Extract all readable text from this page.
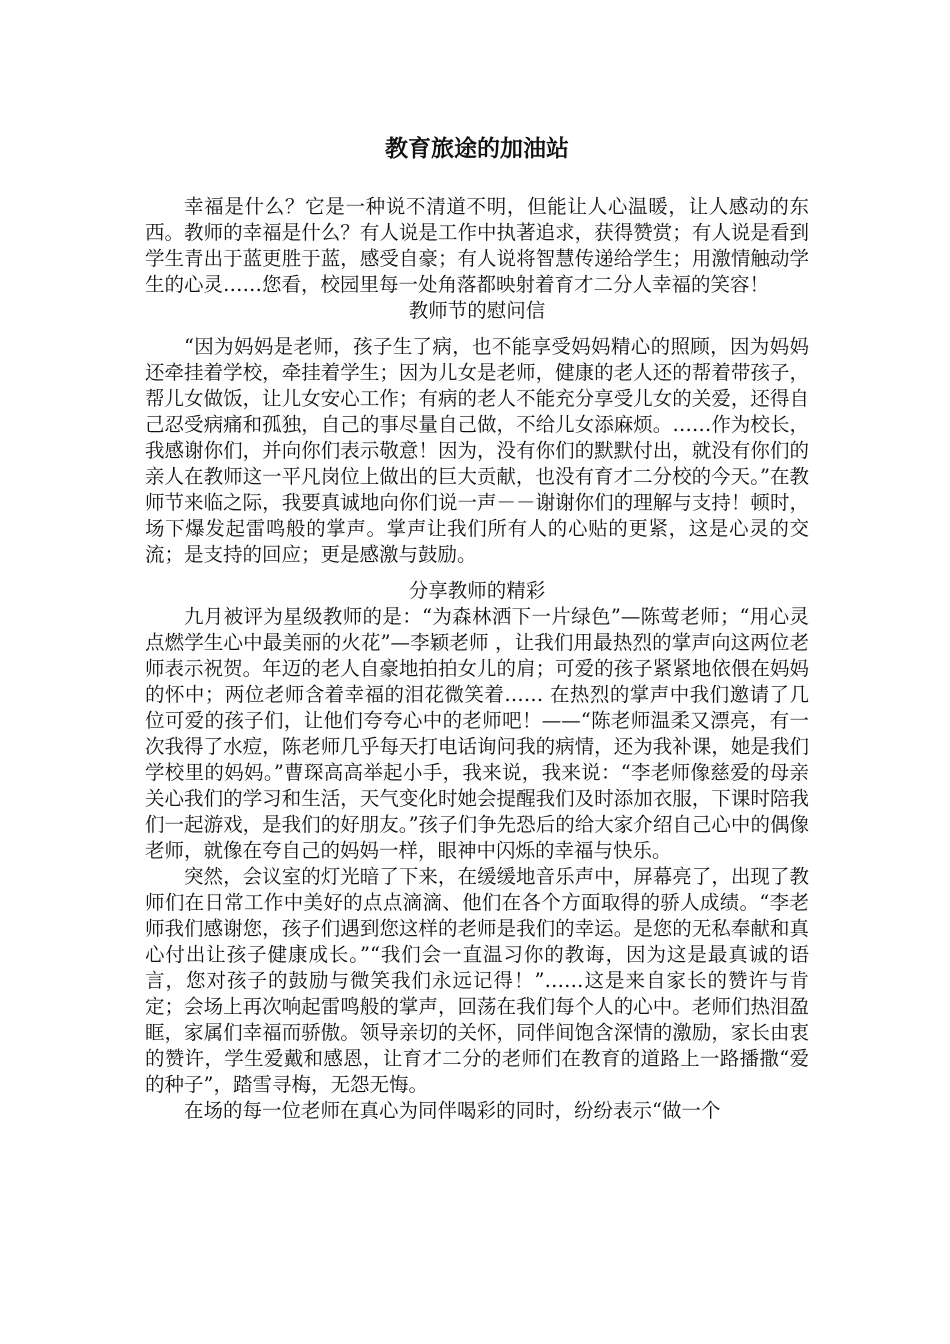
教育旅途的加油站

幸福是什么？它是一种说不清道不明，但能让人心温暖，让人感动的东西。教师的幸福是什么？有人说是工作中执著追求，获得赞赏；有人说是看到学生青出于蓝更胜于蓝，感受自豪；有人说将智慧传递给学生；用激情触动学生的心灵……您看，校园里每一处角落都映射着育才二分人幸福的笑容！

教师节的慰问信

“因为妈妈是老师，孩子生了病，也不能享受妈妈精心的照顾，因为妈妈还牵挂着学校，牵挂着学生；因为儿女是老师，健康的老人还的帮着带孩子，帮儿女做饭，让儿女安心工作；有病的老人不能充分享受儿女的关爱，还得自己忍受病痛和孤独，自己的事尽量自己做，不给儿女添麻烦。……作为校长，我感谢你们，并向你们表示敬意！因为，没有你们的默默付出，就没有你们的亲人在教师这一平凡岗位上做出的巨大贡献，也没有育才二分校的今天。”在教师节来临之际，我要真诚地向你们说一声－－谢谢你们的理解与支持！顿时，场下爆发起雷鸣般的掌声。掌声让我们所有人的心贴的更紧，这是心灵的交流；是支持的回应；更是感激与鼓励。

分享教师的精彩

九月被评为星级教师的是：“为森林洒下一片绿色”—陈莺老师；“用心灵点燃学生心中最美丽的火花”—李颖老师 ，让我们用最热烈的掌声向这两位老师表示祝贺。年迈的老人自豪地拍拍女儿的肩；可爱的孩子紧紧地依偎在妈妈的怀中；两位老师含着幸福的泪花微笑着…… 在热烈的掌声中我们邀请了几位可爱的孩子们，让他们夸夸心中的老师吧！——“陈老师温柔又漂亮，有一次我得了水痘，陈老师几乎每天打电话询问我的病情，还为我补课，她是我们学校里的妈妈。”曹琛高高举起小手，我来说，我来说：“李老师像慈爱的母亲关心我们的学习和生活，天气变化时她会提醒我们及时添加衣服，下课时陪我们一起游戏，是我们的好朋友。”孩子们争先恐后的给大家介绍自己心中的偶像老师，就像在夸自己的妈妈一样，眼神中闪烁的幸福与快乐。

突然，会议室的灯光暗了下来，在缓缓地音乐声中，屏幕亮了，出现了教师们在日常工作中美好的点点滴滴、他们在各个方面取得的骄人成绩。“李老师我们感谢您，孩子们遇到您这样的老师是我们的幸运。是您的无私奉献和真心付出让孩子健康成长。”“我们会一直温习你的教诲，因为这是最真诚的语言，您对孩子的鼓励与微笑我们永远记得！”……这是来自家长的赞许与肯定；会场上再次响起雷鸣般的掌声，回荡在我们每个人的心中。老师们热泪盈眶，家属们幸福而骄傲。领导亲切的关怀，同伴间饱含深情的激励，家长由衷的赞许，学生爱戴和感恩，让育才二分的老师们在教育的道路上一路播撒“爱的种子”，踏雪寻梅，无怨无悔。

在场的每一位老师在真心为同伴喝彩的同时，纷纷表示“做一个
